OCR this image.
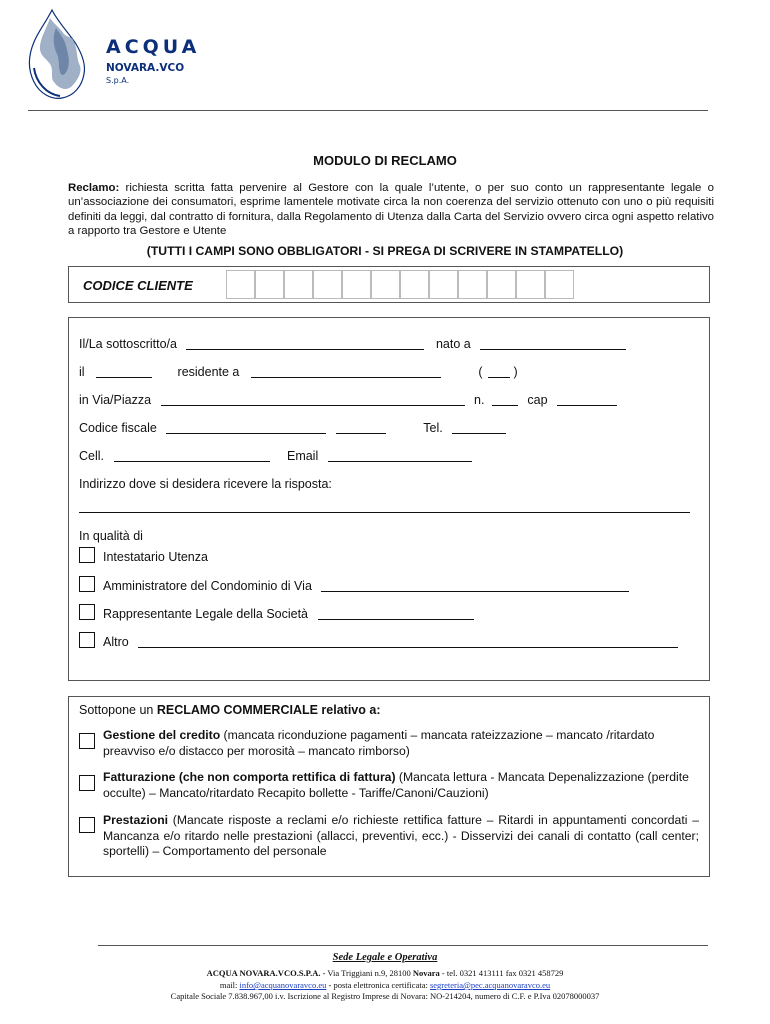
ACQUA
NOVARA.VCO
S.p.A.
MODULO DI RECLAMO
Reclamo: richiesta scritta fatta pervenire al Gestore con la quale l’utente, o per suo conto un rappresentante legale o un’associazione dei consumatori, esprime lamentele motivate circa la non coerenza del servizio ottenuto con uno o più requisiti definiti da leggi, dal contratto di fornitura, dalla Regolamento di Utenza dalla Carta del Servizio ovvero circa ogni aspetto relativo a rapporto tra Gestore e Utente
(TUTTI I CAMPI SONO OBBLIGATORI - SI PREGA DI SCRIVERE IN STAMPATELLO)
CODICE CLIENTE
Il/La sottoscritto/a	nato a
il	residente a	( )
in Via/Piazza	n.	cap
Codice fiscale	Tel.
Cell.	Email
Indirizzo dove si desidera ricevere la risposta:
In qualità di
Intestatario Utenza
Amministratore del Condominio di Via
Rappresentante Legale della Società
Altro
Sottopone un RECLAMO COMMERCIALE relativo a:
Gestione del credito (mancata riconduzione pagamenti – mancata rateizzazione – mancato /ritardato preavviso e/o distacco per morosità – mancato rimborso)
Fatturazione (che non comporta rettifica di fattura) (Mancata lettura - Mancata Depenalizzazione (perdite occulte) – Mancato/ritardato Recapito bollette - Tariffe/Canoni/Cauzioni)
Prestazioni (Mancate risposte a reclami e/o richieste rettifica fatture – Ritardi in appuntamenti concordati – Mancanza e/o ritardo nelle prestazioni (allacci, preventivi, ecc.) - Disservizi dei canali di contatto (call center; sportelli) – Comportamento del personale
Sede Legale e Operativa
ACQUA NOVARA.VCO.S.P.A. - Via Triggiani n.9, 28100 Novara - tel. 0321 413111 fax 0321 458729
mail: info@acquanovaravco.eu - posta elettronica certificata: segreteria@pec.acquanovaravco.eu
Capitale Sociale 7.838.967,00 i.v. Iscrizione al Registro Imprese di Novara: NO-214204, numero di C.F. e P.Iva 02078000037
